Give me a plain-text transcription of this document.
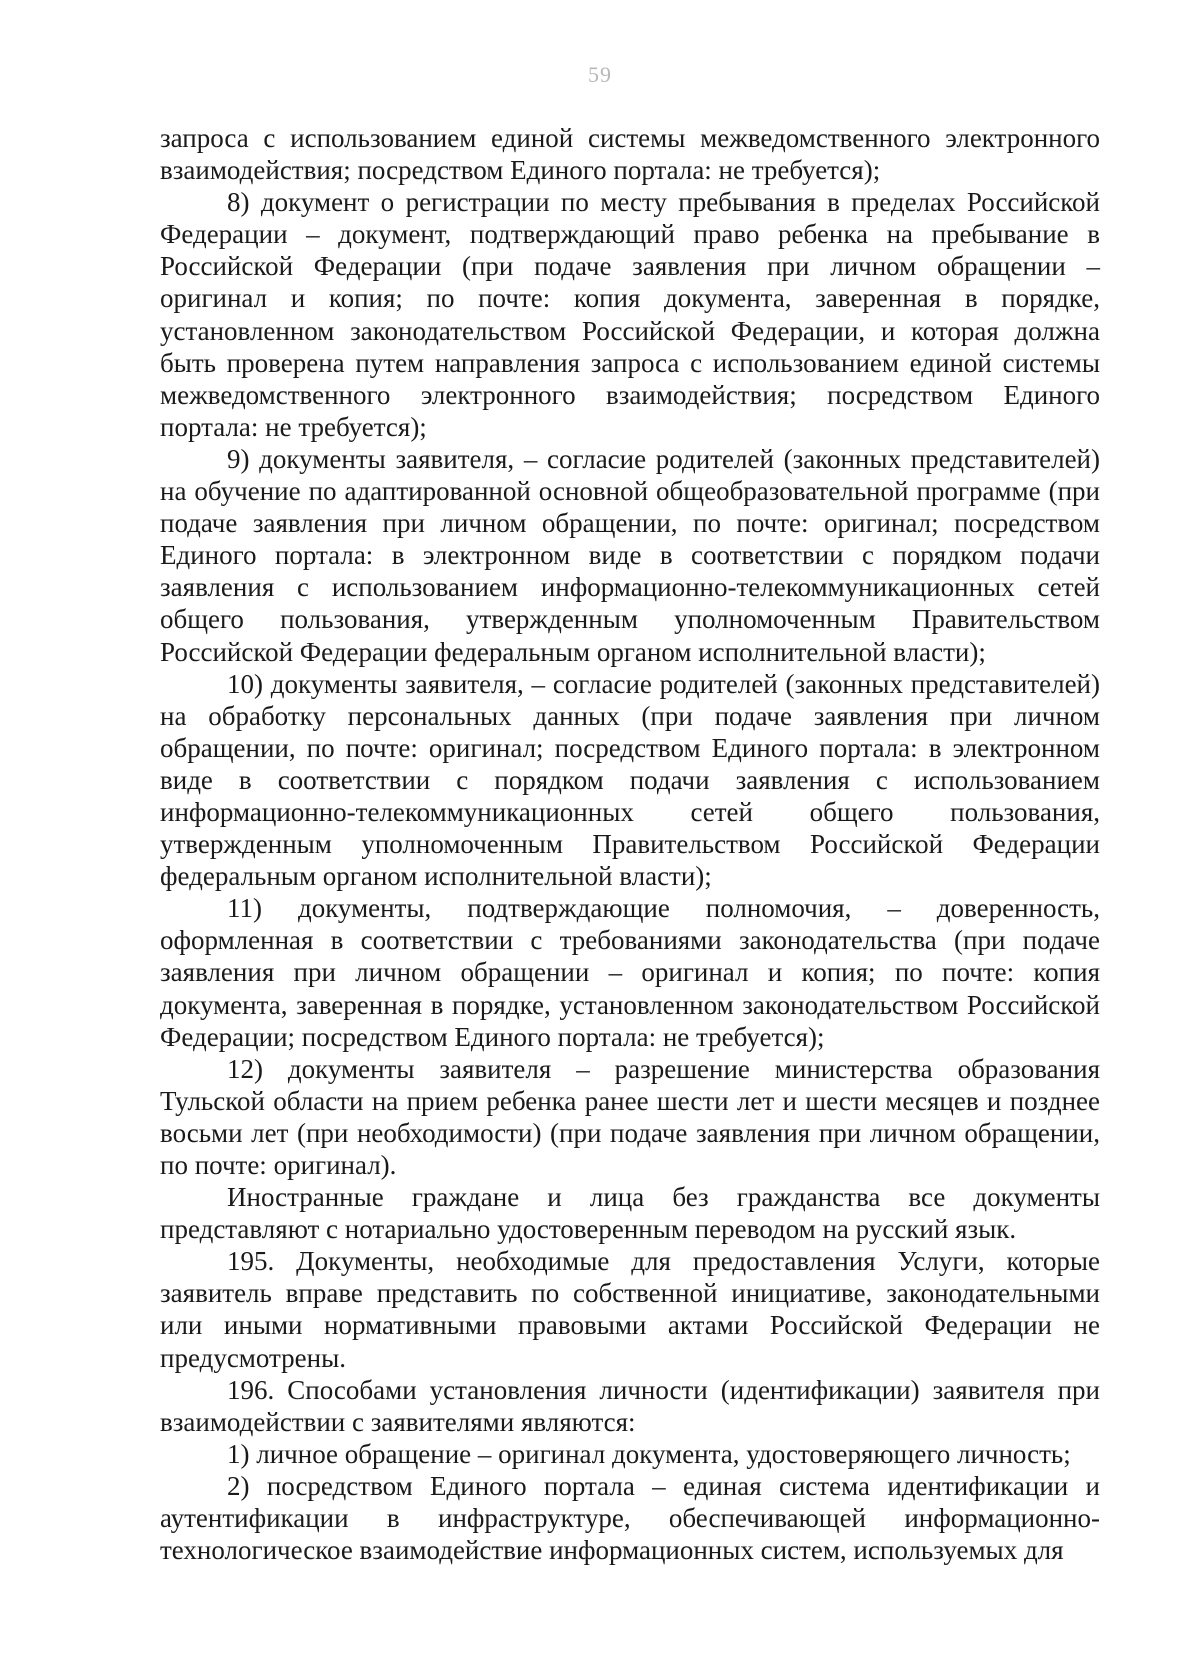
59

запроса с использованием единой системы межведомственного электронного взаимодействия; посредством Единого портала: не требуется);

8) документ о регистрации по месту пребывания в пределах Российской Федерации – документ, подтверждающий право ребенка на пребывание в Российской Федерации (при подаче заявления при личном обращении – оригинал и копия; по почте: копия документа, заверенная в порядке, установленном законодательством Российской Федерации, и которая должна быть проверена путем направления запроса с использованием единой системы межведомственного электронного взаимодействия; посредством Единого портала: не требуется);

9) документы заявителя, – согласие родителей (законных представителей) на обучение по адаптированной основной общеобразовательной программе (при подаче заявления при личном обращении, по почте: оригинал; посредством Единого портала: в электронном виде в соответствии с порядком подачи заявления с использованием информационно-телекоммуникационных сетей общего пользования, утвержденным уполномоченным Правительством Российской Федерации федеральным органом исполнительной власти);

10) документы заявителя, – согласие родителей (законных представителей) на обработку персональных данных (при подаче заявления при личном обращении, по почте: оригинал; посредством Единого портала: в электронном виде в соответствии с порядком подачи заявления с использованием информационно-телекоммуникационных сетей общего пользования, утвержденным уполномоченным Правительством Российской Федерации федеральным органом исполнительной власти);

11) документы, подтверждающие полномочия, – доверенность, оформленная в соответствии с требованиями законодательства (при подаче заявления при личном обращении – оригинал и копия; по почте: копия документа, заверенная в порядке, установленном законодательством Российской Федерации; посредством Единого портала: не требуется);

12) документы заявителя – разрешение министерства образования Тульской области на прием ребенка ранее шести лет и шести месяцев и позднее восьми лет (при необходимости) (при подаче заявления при личном обращении, по почте: оригинал).

Иностранные граждане и лица без гражданства все документы представляют с нотариально удостоверенным переводом на русский язык.

195. Документы, необходимые для предоставления Услуги, которые заявитель вправе представить по собственной инициативе, законодательными или иными нормативными правовыми актами Российской Федерации не предусмотрены.

196. Способами установления личности (идентификации) заявителя при взаимодействии с заявителями являются:

1) личное обращение – оригинал документа, удостоверяющего личность;

2) посредством Единого портала – единая система идентификации и аутентификации в инфраструктуре, обеспечивающей информационно-технологическое взаимодействие информационных систем, используемых для
